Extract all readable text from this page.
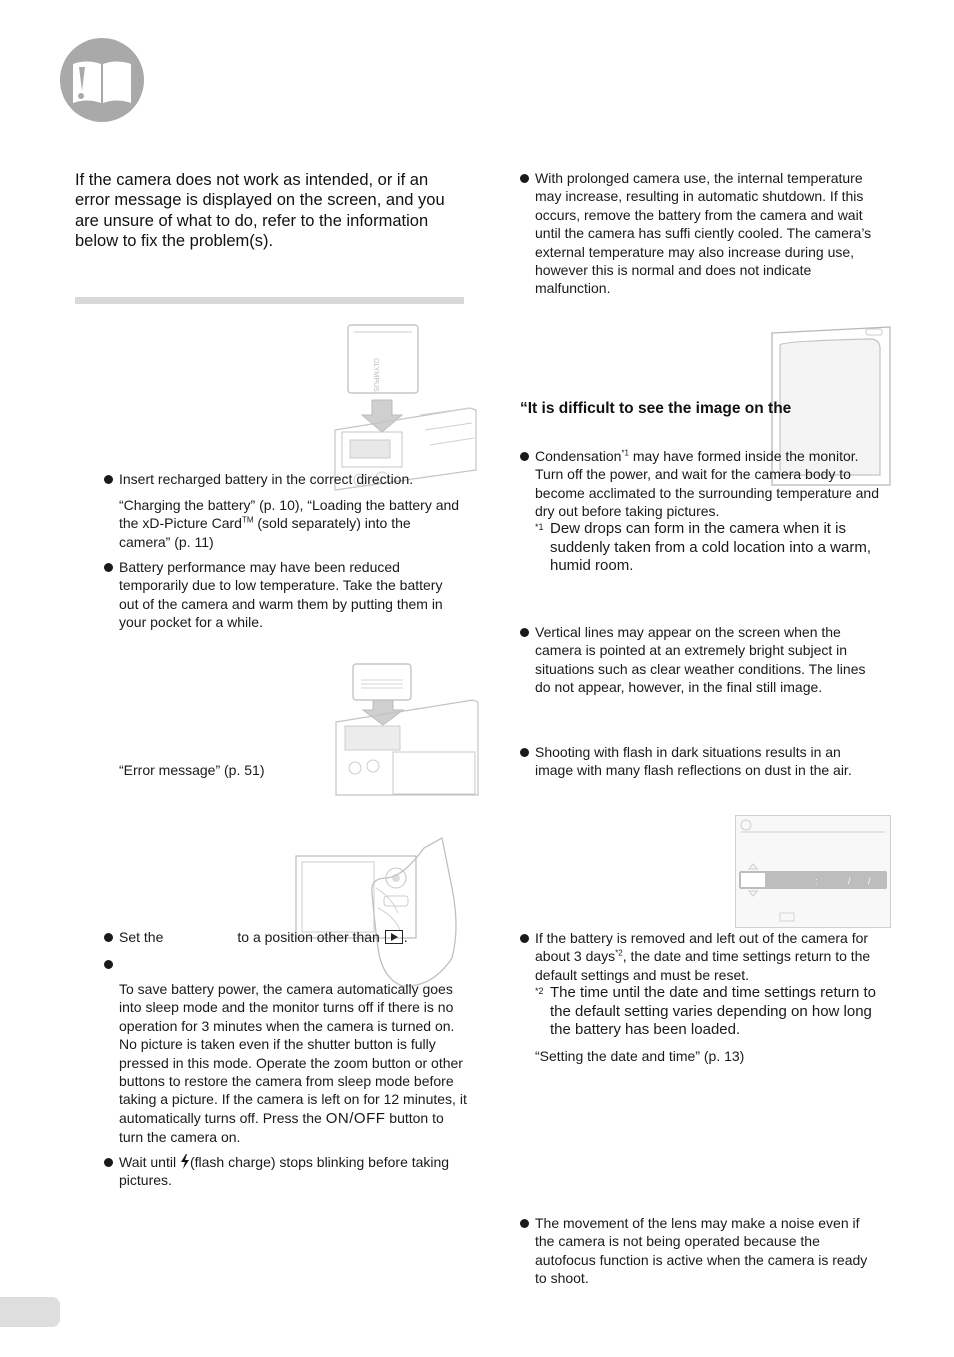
If the camera does not work as intended, or if an error message is displayed on the screen, and you are unsure of what to do, refer to the information below to fix the problem(s).
OLYMPUS
Insert recharged battery in the correct direction.
“Charging the battery” (p. 10), “Loading the battery and the xD-Picture Card™ (sold separately) into the camera” (p. 11)
Battery performance may have been reduced temporarily due to low temperature. Take the battery out of the camera and warm them by putting them in your pocket for a while.
“Error message” (p. 51)
Set the	to a position other than .
To save battery power, the camera automatically goes into sleep mode and the monitor turns off if there is no operation for 3 minutes when the camera is turned on. No picture is taken even if the shutter button is fully pressed in this mode. Operate the zoom button or other buttons to restore the camera from sleep mode before taking a picture. If the camera is left on for 12 minutes, it automatically turns off. Press the ON/OFF button to turn the camera on.
Wait until (flash charge) stops blinking before taking pictures.
:	/ /
With prolonged camera use, the internal temperature may increase, resulting in automatic shutdown. If this occurs, remove the battery from the camera and wait until the camera has suffi ciently cooled. The camera’s external temperature may also increase during use, however this is normal and does not indicate malfunction.
“It is difficult to see the image on the
Condensation$^{*1}$ may have formed inside the monitor. Turn off the power, and wait for the camera body to become acclimated to the surrounding temperature and dry out before taking pictures.
*1 Dew drops can form in the camera when it is suddenly taken from a cold location into a warm, humid room.
Vertical lines may appear on the screen when the camera is pointed at an extremely bright subject in situations such as clear weather conditions. The lines do not appear, however, in the final still image.
Shooting with flash in dark situations results in an image with many flash reflections on dust in the air.
If the battery is removed and left out of the camera for about 3 days$^{*2}$, the date and time settings return to the default settings and must be reset.
*2 The time until the date and time settings return to the default setting varies depending on how long the battery has been loaded.
“Setting the date and time” (p. 13)
The movement of the lens may make a noise even if the camera is not being operated because the autofocus function is active when the camera is ready to shoot.
